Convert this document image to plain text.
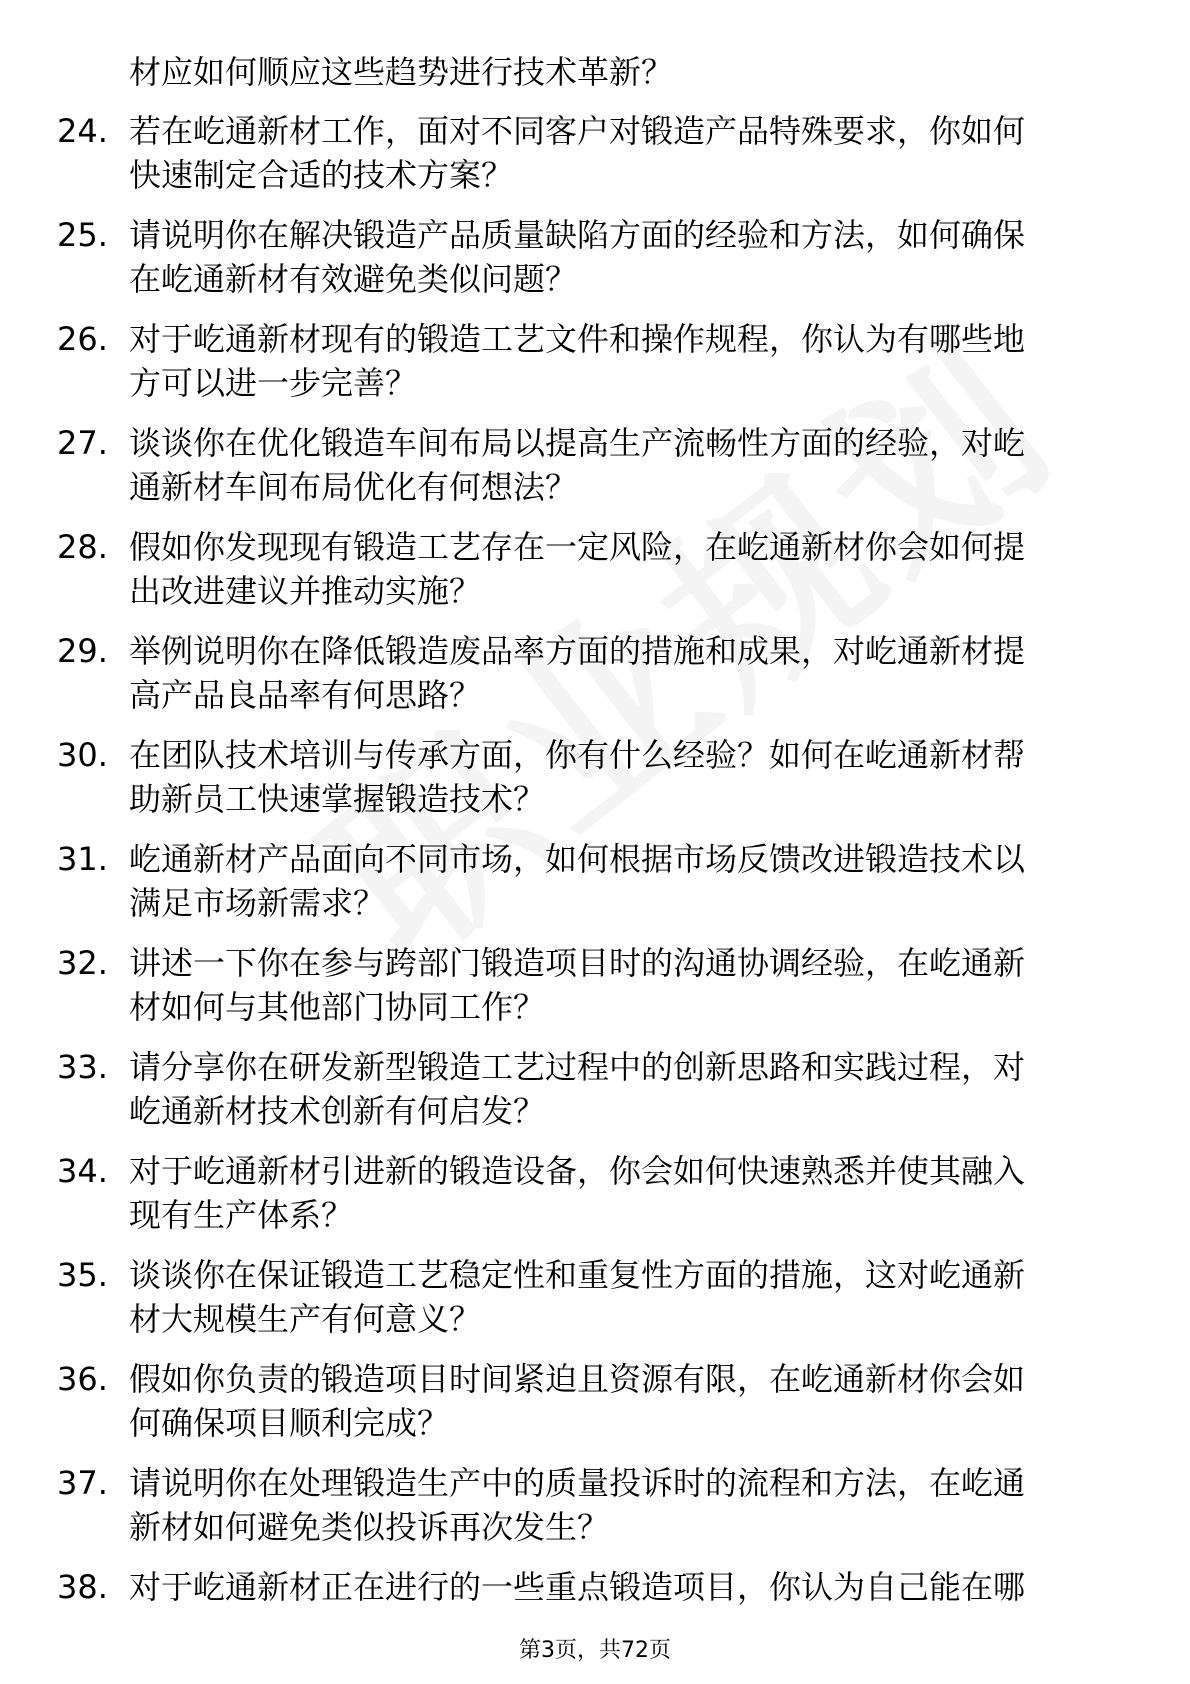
材应如何顺应这些趋势进行技术革新？
24. 若在屹通新材工作，面对不同客户对锻造产品特殊要求，你如何
快速制定合适的技术方案？
25. 请说明你在解决锻造产品质量缺陷方面的经验和方法，如何确保
在屹通新材有效避免类似问题？
26. 对于屹通新材现有的锻造工艺文件和操作规程，你认为有哪些地
方可以进一步完善？
27. 谈谈你在优化锻造车间布局以提高生产流畅性方面的经验，对屹
通新材车间布局优化有何想法？
28. 假如你发现现有锻造工艺存在一定风险，在屹通新材你会如何提
出改进建议并推动实施？
29. 举例说明你在降低锻造废品率方面的措施和成果，对屹通新材提
高产品良品率有何思路？
30. 在团队技术培训与传承方面，你有什么经验？如何在屹通新材帮
助新员工快速掌握锻造技术？
31. 屹通新材产品面向不同市场，如何根据市场反馈改进锻造技术以
满足市场新需求？
32. 讲述一下你在参与跨部门锻造项目时的沟通协调经验，在屹通新
材如何与其他部门协同工作？
33. 请分享你在研发新型锻造工艺过程中的创新思路和实践过程，对
屹通新材技术创新有何启发？
34. 对于屹通新材引进新的锻造设备，你会如何快速熟悉并使其融入
现有生产体系？
35. 谈谈你在保证锻造工艺稳定性和重复性方面的措施，这对屹通新
材大规模生产有何意义？
36. 假如你负责的锻造项目时间紧迫且资源有限，在屹通新材你会如
何确保项目顺利完成？
37. 请说明你在处理锻造生产中的质量投诉时的流程和方法，在屹通
新材如何避免类似投诉再次发生？
38. 对于屹通新材正在进行的一些重点锻造项目，你认为自己能在哪
第3页，共72页
